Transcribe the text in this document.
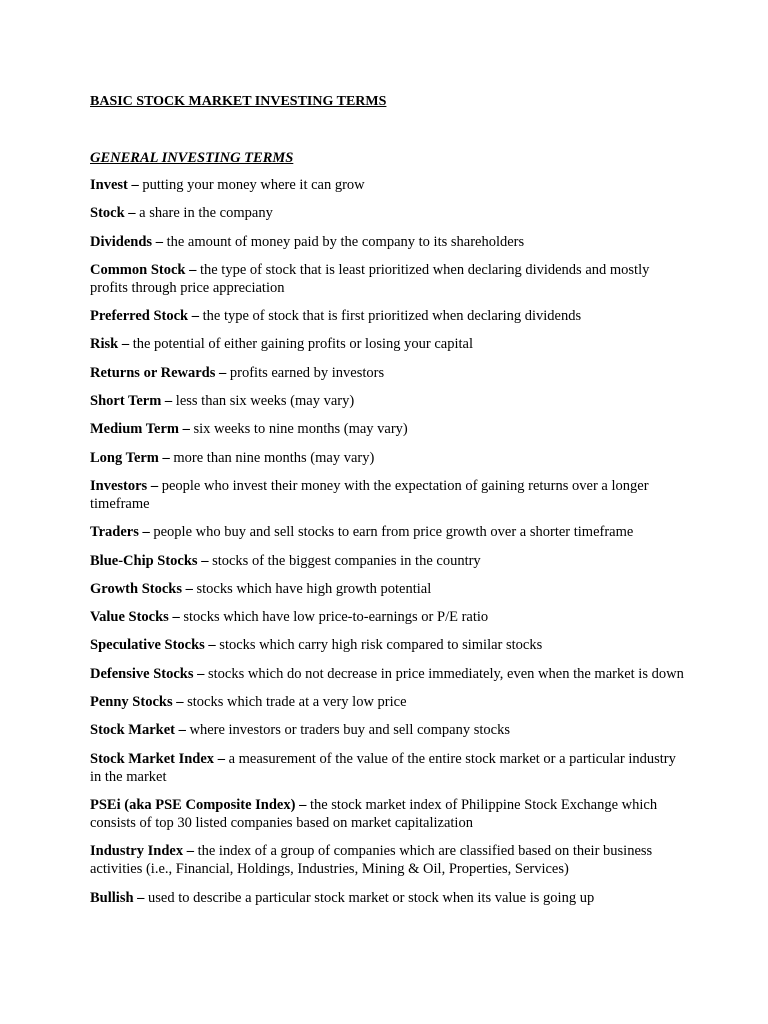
BASIC STOCK MARKET INVESTING TERMS
GENERAL INVESTING TERMS
Invest – putting your money where it can grow
Stock – a share in the company
Dividends – the amount of money paid by the company to its shareholders
Common Stock – the type of stock that is least prioritized when declaring dividends and mostly profits through price appreciation
Preferred Stock – the type of stock that is first prioritized when declaring dividends
Risk – the potential of either gaining profits or losing your capital
Returns or Rewards – profits earned by investors
Short Term – less than six weeks (may vary)
Medium Term – six weeks to nine months (may vary)
Long Term – more than nine months (may vary)
Investors – people who invest their money with the expectation of gaining returns over a longer timeframe
Traders – people who buy and sell stocks to earn from price growth over a shorter timeframe
Blue-Chip Stocks – stocks of the biggest companies in the country
Growth Stocks – stocks which have high growth potential
Value Stocks – stocks which have low price-to-earnings or P/E ratio
Speculative Stocks – stocks which carry high risk compared to similar stocks
Defensive Stocks – stocks which do not decrease in price immediately, even when the market is down
Penny Stocks – stocks which trade at a very low price
Stock Market – where investors or traders buy and sell company stocks
Stock Market Index – a measurement of the value of the entire stock market or a particular industry in the market
PSEi (aka PSE Composite Index) – the stock market index of Philippine Stock Exchange which consists of top 30 listed companies based on market capitalization
Industry Index – the index of a group of companies which are classified based on their business activities (i.e., Financial, Holdings, Industries, Mining & Oil, Properties, Services)
Bullish – used to describe a particular stock market or stock when its value is going up
